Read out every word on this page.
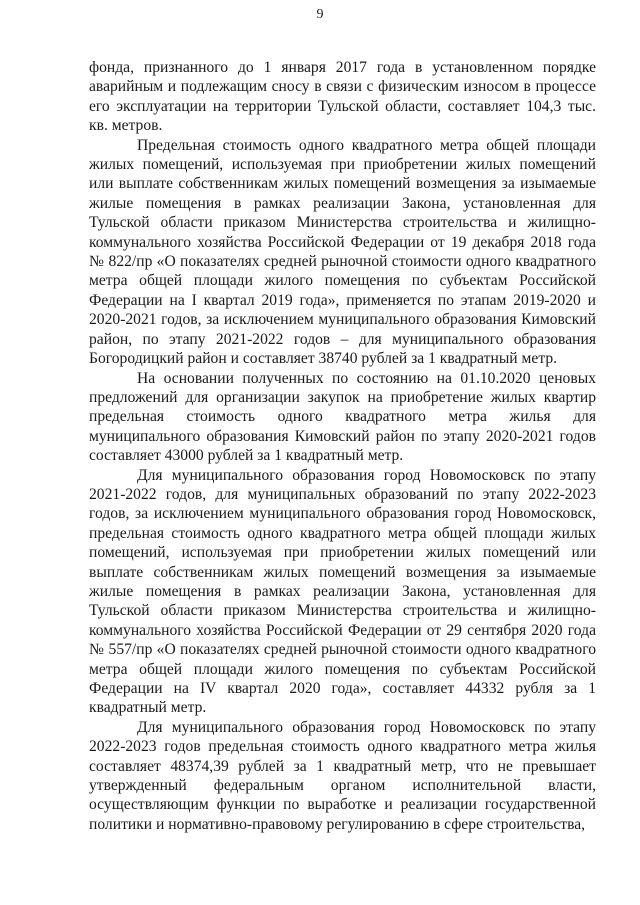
9

фонда, признанного до 1 января 2017 года в установленном порядке аварийным и подлежащим сносу в связи с физическим износом в процессе его эксплуатации на территории Тульской области, составляет 104,3 тыс. кв. метров.

Предельная стоимость одного квадратного метра общей площади жилых помещений, используемая при приобретении жилых помещений или выплате собственникам жилых помещений возмещения за изымаемые жилые помещения в рамках реализации Закона, установленная для Тульской области приказом Министерства строительства и жилищно-коммунального хозяйства Российской Федерации от 19 декабря 2018 года № 822/пр «О показателях средней рыночной стоимости одного квадратного метра общей площади жилого помещения по субъектам Российской Федерации на I квартал 2019 года», применяется по этапам 2019-2020 и 2020-2021 годов, за исключением муниципального образования Кимовский район, по этапу 2021-2022 годов – для муниципального образования Богородицкий район и составляет 38740 рублей за 1 квадратный метр.

На основании полученных по состоянию на 01.10.2020 ценовых предложений для организации закупок на приобретение жилых квартир предельная стоимость одного квадратного метра жилья для муниципального образования Кимовский район по этапу 2020-2021 годов составляет 43000 рублей за 1 квадратный метр.

Для муниципального образования город Новомосковск по этапу 2021-2022 годов, для муниципальных образований по этапу 2022-2023 годов, за исключением муниципального образования город Новомосковск, предельная стоимость одного квадратного метра общей площади жилых помещений, используемая при приобретении жилых помещений или выплате собственникам жилых помещений возмещения за изымаемые жилые помещения в рамках реализации Закона, установленная для Тульской области приказом Министерства строительства и жилищно-коммунального хозяйства Российской Федерации от 29 сентября 2020 года № 557/пр «О показателях средней рыночной стоимости одного квадратного метра общей площади жилого помещения по субъектам Российской Федерации на IV квартал 2020 года», составляет 44332 рубля за 1 квадратный метр.

Для муниципального образования город Новомосковск по этапу 2022-2023 годов предельная стоимость одного квадратного метра жилья составляет 48374,39 рублей за 1 квадратный метр, что не превышает утвержденный федеральным органом исполнительной власти, осуществляющим функции по выработке и реализации государственной политики и нормативно-правовому регулированию в сфере строительства,
